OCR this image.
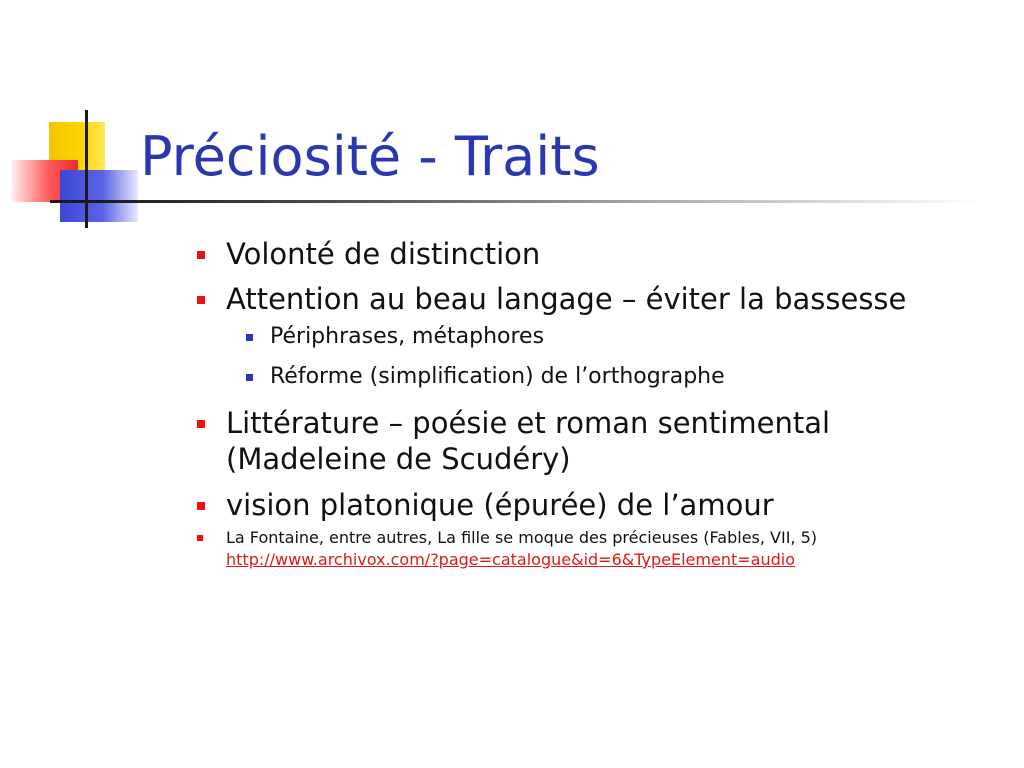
Préciosité - Traits
Volonté de distinction
Attention au beau langage – éviter la bassesse
Périphrases, métaphores
Réforme (simplification) de l’orthographe
Littérature – poésie et roman sentimental (Madeleine de Scudéry)
vision platonique (épurée) de l’amour
La Fontaine, entre autres, La fille se moque des précieuses (Fables, VII, 5)
http://www.archivox.com/?page=catalogue&id=6&TypeElement=audio
